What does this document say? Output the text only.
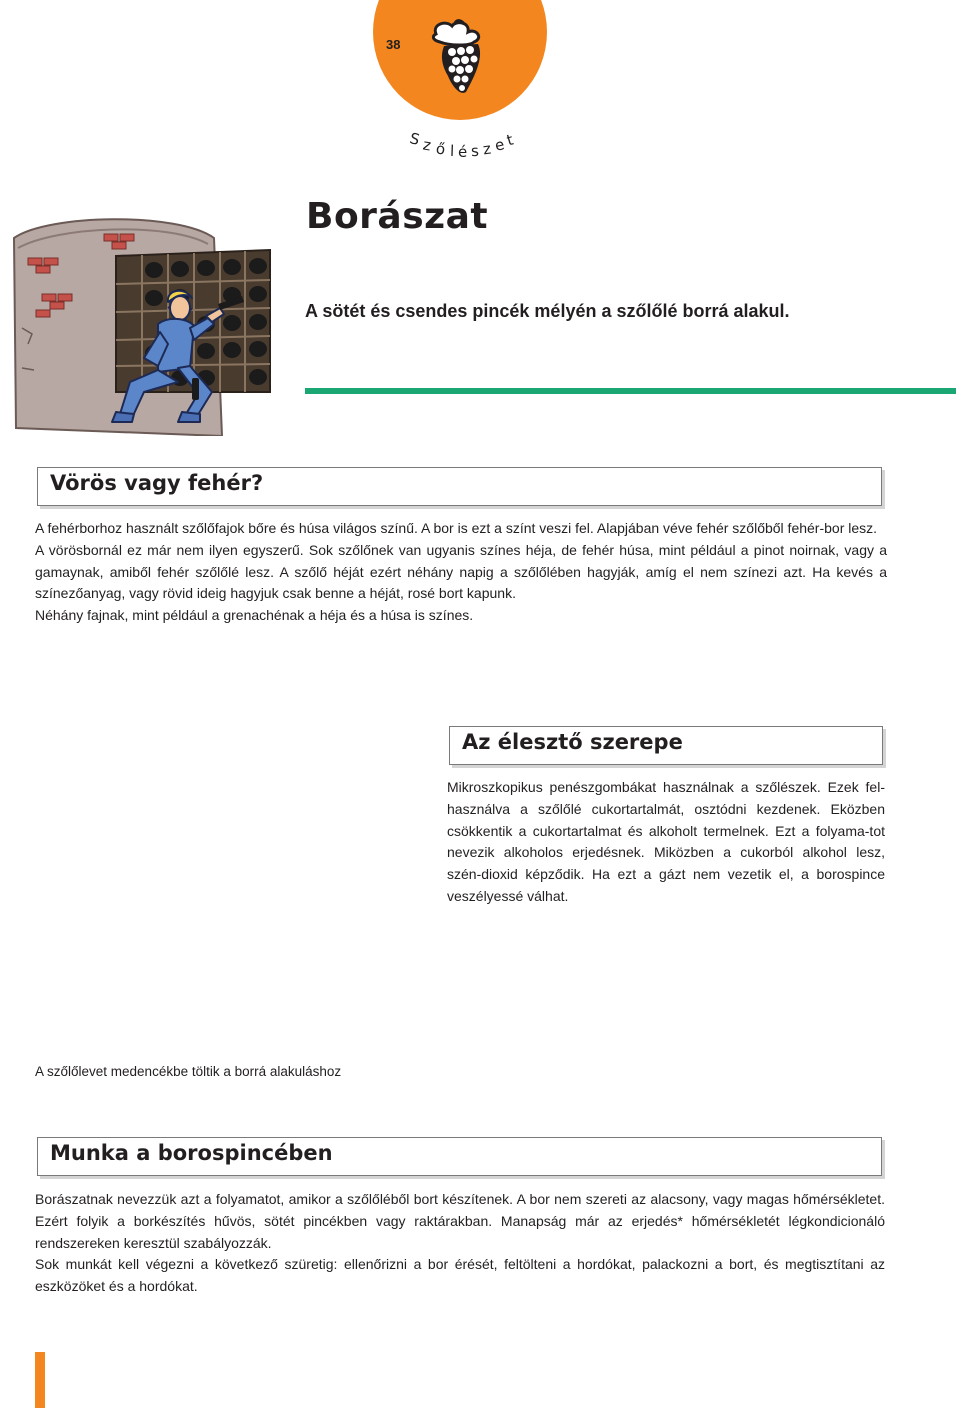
38
S z ő l é s z e
t
Borászat
A sötét és csendes pincék mélyén a szőlőlé borrá alakul.
Vörös vagy fehér?

A fehérborhoz használt szőlőfajok bőre és húsa világos színű. A bor is ezt a színt veszi fel. Alapjában véve fehér szőlőből fehér-bor lesz.

A vörösbornál ez már nem ilyen egyszerű. Sok szőlőnek van ugyanis színes héja, de fehér húsa, mint például a pinot noirnak, vagy a gamaynak, amiből fehér szőlőlé lesz. A szőlő héját ezért néhány napig a szőlőlében hagyják, amíg el nem színezi azt. Ha kevés a színezőanyag, vagy rövid ideig hagyjuk csak benne a héját, rosé bort kapunk.

Néhány fajnak, mint például a grenachénak a héja és a húsa is színes.

Az élesztő szerepe

Mikroszkopikus penészgombákat használnak a szőlészek. Ezek fel-használva a szőlőlé cukortartalmát, osztódni kezdenek. Eközben csökkentik a cukortartalmat és alkoholt termelnek. Ezt a folyama-tot nevezik alkoholos erjedésnek. Miközben a cukorból alkohol lesz, szén-dioxid képződik. Ha ezt a gázt nem vezetik el, a borospince veszélyessé válhat.

A szőlőlevet medencékbe töltik a borrá alakuláshoz
Munka a borospincében

Borászatnak nevezzük azt a folyamatot, amikor a szőlőléből bort készítenek. A bor nem szereti az alacsony, vagy magas hőmérsékletet. Ezért folyik a borkészítés hűvös, sötét pincékben vagy raktárakban. Manapság már az erjedés* hőmérsékletét légkondicionáló rendszereken keresztül szabályozzák.

Sok munkát kell végezni a következő szüretig: ellenőrizni a bor érését, feltölteni a hordókat, palackozni a bort, és megtisztítani az eszközöket és a hordókat.
